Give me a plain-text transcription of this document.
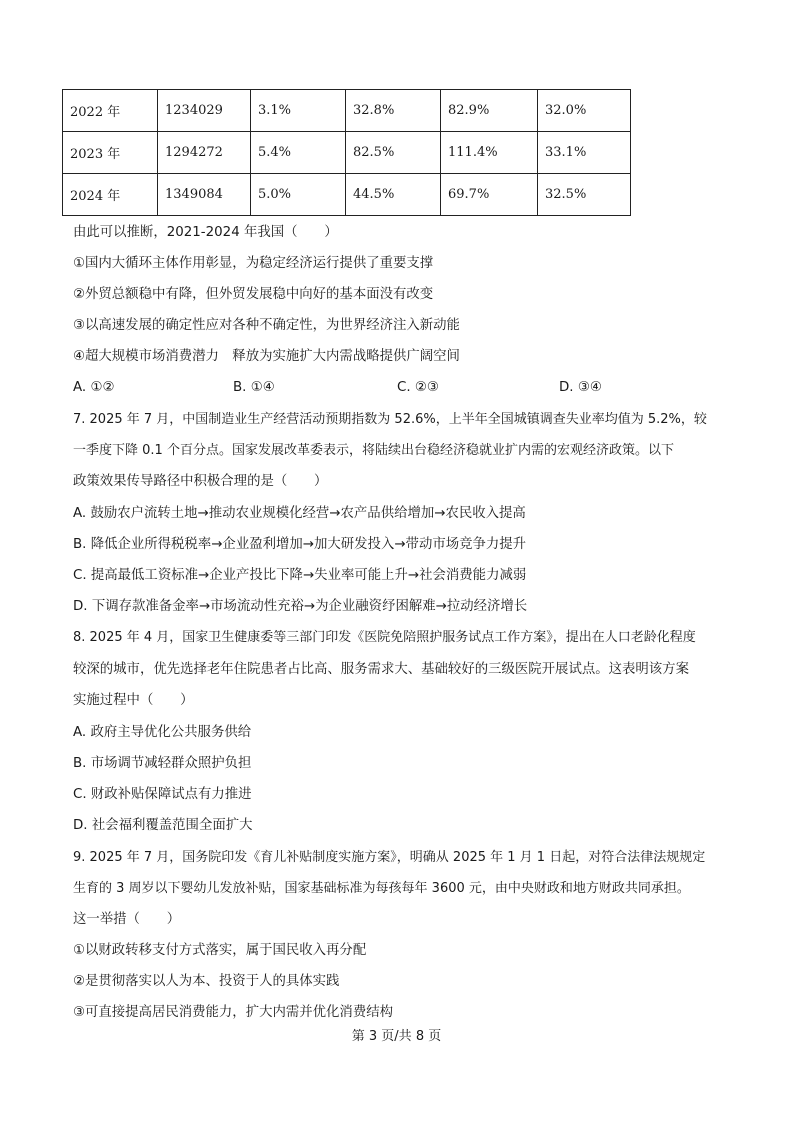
2022 年	1234029	3.1%	32.8%	82.9%	32.0%
2023 年	1294272	5.4%	82.5%	111.4%	33.1%
2024 年	1349084	5.0%	44.5%	69.7%	32.5%
由此可以推断，2021-2024 年我国（　　）
①国内大循环主体作用彰显，为稳定经济运行提供了重要支撑
②外贸总额稳中有降，但外贸发展稳中向好的基本面没有改变
③以高速发展的确定性应对各种不确定性，为世界经济注入新动能
④超大规模市场消费潜力　释放为实施扩大内需战略提供广阔空间
A. ①②	B. ①④	C. ②③	D. ③④
7. 2025 年 7 月，中国制造业生产经营活动预期指数为 52.6%，上半年全国城镇调查失业率均值为 5.2%，较
一季度下降 0.1 个百分点。国家发展改革委表示，将陆续出台稳经济稳就业扩内需的宏观经济政策。以下
政策效果传导路径中积极合理的是（　　）
A. 鼓励农户流转土地→推动农业规模化经营→农产品供给增加→农民收入提高
B. 降低企业所得税税率→企业盈利增加→加大研发投入→带动市场竞争力提升
C. 提高最低工资标准→企业产投比下降→失业率可能上升→社会消费能力减弱
D. 下调存款准备金率→市场流动性充裕→为企业融资纾困解难→拉动经济增长
8. 2025 年 4 月，国家卫生健康委等三部门印发《医院免陪照护服务试点工作方案》，提出在人口老龄化程度
较深的城市，优先选择老年住院患者占比高、服务需求大、基础较好的三级医院开展试点。这表明该方案
实施过程中（　　）
A. 政府主导优化公共服务供给
B. 市场调节减轻群众照护负担
C. 财政补贴保障试点有力推进
D. 社会福利覆盖范围全面扩大
9. 2025 年 7 月，国务院印发《育儿补贴制度实施方案》，明确从 2025 年 1 月 1 日起，对符合法律法规规定
生育的 3 周岁以下婴幼儿发放补贴，国家基础标准为每孩每年 3600 元，由中央财政和地方财政共同承担。
这一举措（　　）
①以财政转移支付方式落实，属于国民收入再分配
②是贯彻落实以人为本、投资于人的具体实践
③可直接提高居民消费能力，扩大内需并优化消费结构
第 3 页/共 8 页
